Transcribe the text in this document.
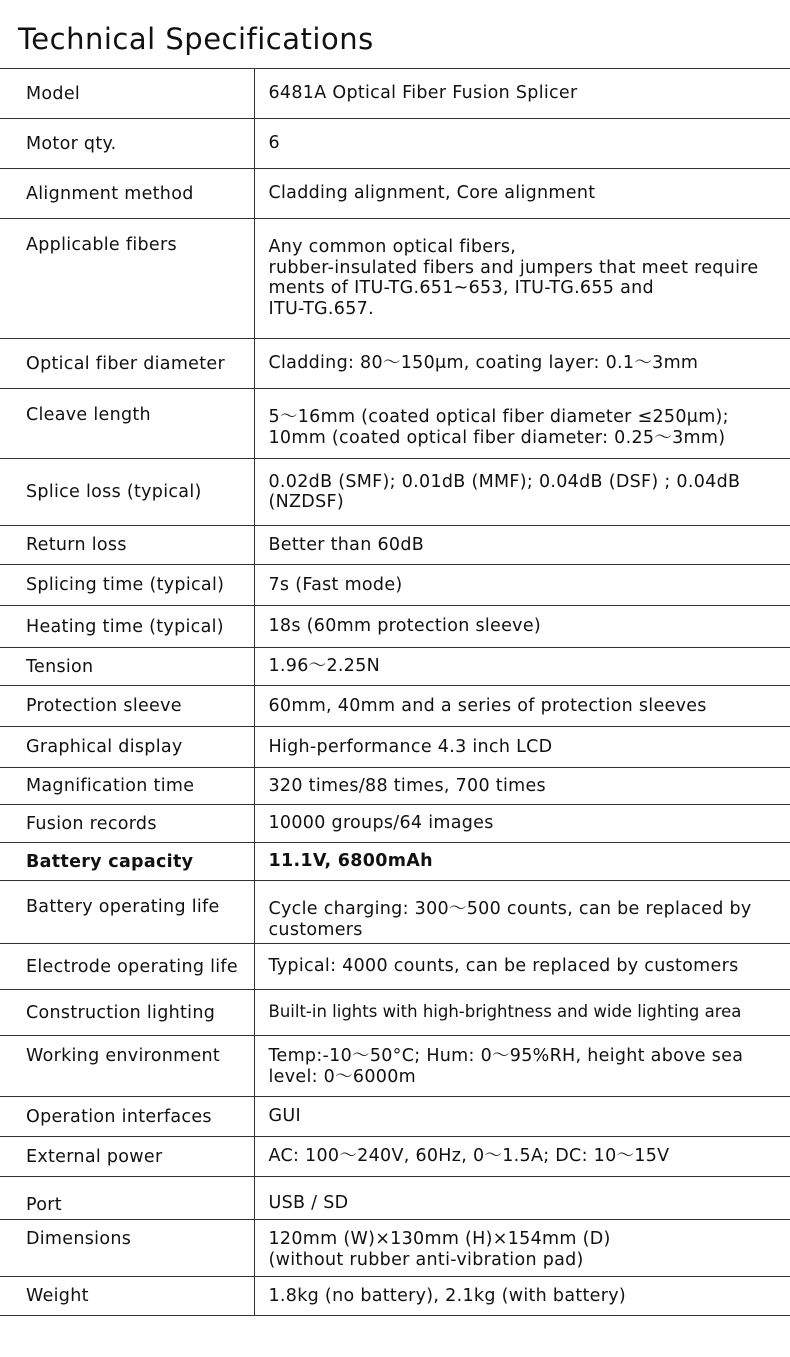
Technical Specifications
Model	6481A Optical Fiber Fusion Splicer

Motor qty.	6

Alignment method	Cladding alignment, Core alignment

Applicable fibers	Any common optical fibers,
rubber-insulated fibers and jumpers that meet require
ments of ITU-TG.651~653, ITU-TG.655 and
ITU-TG.657.

Optical fiber diameter	Cladding: 80～150μm, coating layer: 0.1～3mm

Cleave length	5～16mm (coated optical fiber diameter ≤250μm);
10mm (coated optical fiber diameter: 0.25～3mm)

Splice loss (typical)	0.02dB (SMF); 0.01dB (MMF); 0.04dB (DSF) ; 0.04dB
(NZDSF)

Return loss	Better than 60dB

Splicing time (typical)	7s (Fast mode)

Heating time (typical)	18s (60mm protection sleeve)

Tension	1.96～2.25N

Protection sleeve	60mm, 40mm and a series of protection sleeves

Graphical display	High-performance 4.3 inch LCD

Magnification time	320 times/88 times, 700 times

Fusion records	10000 groups/64 images

Battery capacity	11.1V, 6800mAh

Battery operating life	Cycle charging: 300～500 counts, can be replaced by
customers

Electrode operating life	Typical: 4000 counts, can be replaced by customers

Construction lighting	Built-in lights with high-brightness and wide lighting area

Working environment	Temp:-10～50°C; Hum: 0～95%RH, height above sea
level: 0～6000m

Operation interfaces	GUI

External power	AC: 100～240V, 60Hz, 0～1.5A; DC: 10～15V

Port	USB / SD

Dimensions	120mm (W)×130mm (H)×154mm (D)
(without rubber anti-vibration pad)

Weight	1.8kg (no battery), 2.1kg (with battery)
